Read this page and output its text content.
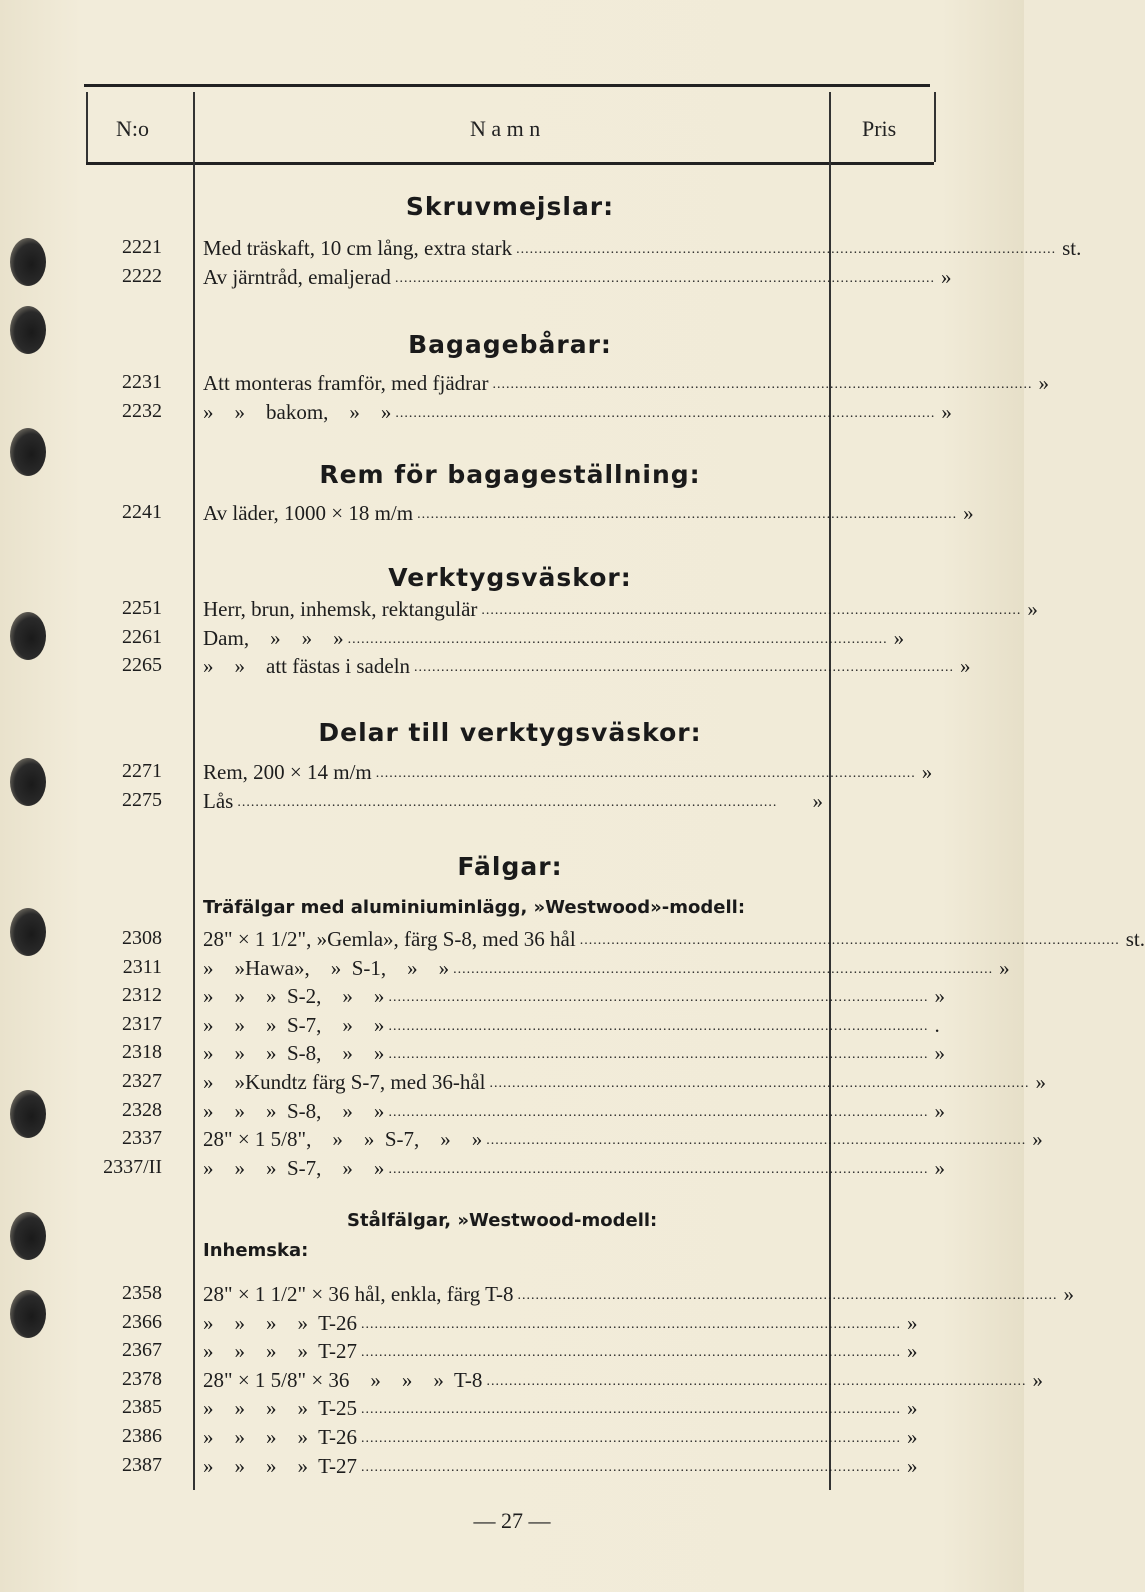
N:o	N a m n	Pris
Skruvmejslar:
2221 Med träskaft, 10 cm lång, extra stark ........................................................................................................................ st.
2222 Av järntråd, emaljerad ........................................................................................................................ »
Bagagebårar:
2231 Att monteras framför, med fjädrar ........................................................................................................................ »
2232 »    »    bakom,    »    » ........................................................................................................................ »
Rem för bagageställning:
2241 Av läder, 1000 × 18 m/m ........................................................................................................................ »
Verktygsväskor:
2251 Herr, brun, inhemsk, rektangulär ........................................................................................................................ »
2261 Dam,    »    »    » ........................................................................................................................ »
2265 »    »    att fästas i sadeln ........................................................................................................................ »
Delar till verktygsväskor:
2271 Rem, 200 × 14 m/m ........................................................................................................................ »
2275 Lås ........................................................................................................................	»
Fälgar:
Träfälgar med aluminiuminlägg, »Westwood»-modell:
2308 28" × 1 1/2", »Gemla», färg S-8, med 36 hål ........................................................................................................................ st.
2311 »    »Hawa»,    »  S-1,    »    » ........................................................................................................................ »
2312 »    »    »  S-2,    »    » ........................................................................................................................ »
2317 »    »    »  S-7,    »    » ........................................................................................................................ .
2318 »    »    »  S-8,    »    » ........................................................................................................................ »
2327 »    »Kundtz färg S-7, med 36-hål ........................................................................................................................ »
2328 »    »    »  S-8,    »    » ........................................................................................................................ »
2337 28" × 1 5/8",    »    »  S-7,    »    » ........................................................................................................................ »
2337/II »    »    »  S-7,    »    » ........................................................................................................................ »
Stålfälgar, »Westwood-modell:
Inhemska:
2358 28" × 1 1/2" × 36 hål, enkla, färg T-8 ........................................................................................................................ »
2366 »    »    »    »  T-26 ........................................................................................................................ »
2367 »    »    »    »  T-27 ........................................................................................................................ »
2378 28" × 1 5/8" × 36    »    »    »  T-8 ........................................................................................................................ »
2385 »    »    »    »  T-25 ........................................................................................................................ »
2386 »    »    »    »  T-26 ........................................................................................................................ »
2387 »    »    »    »  T-27 ........................................................................................................................ »
— 27 —
